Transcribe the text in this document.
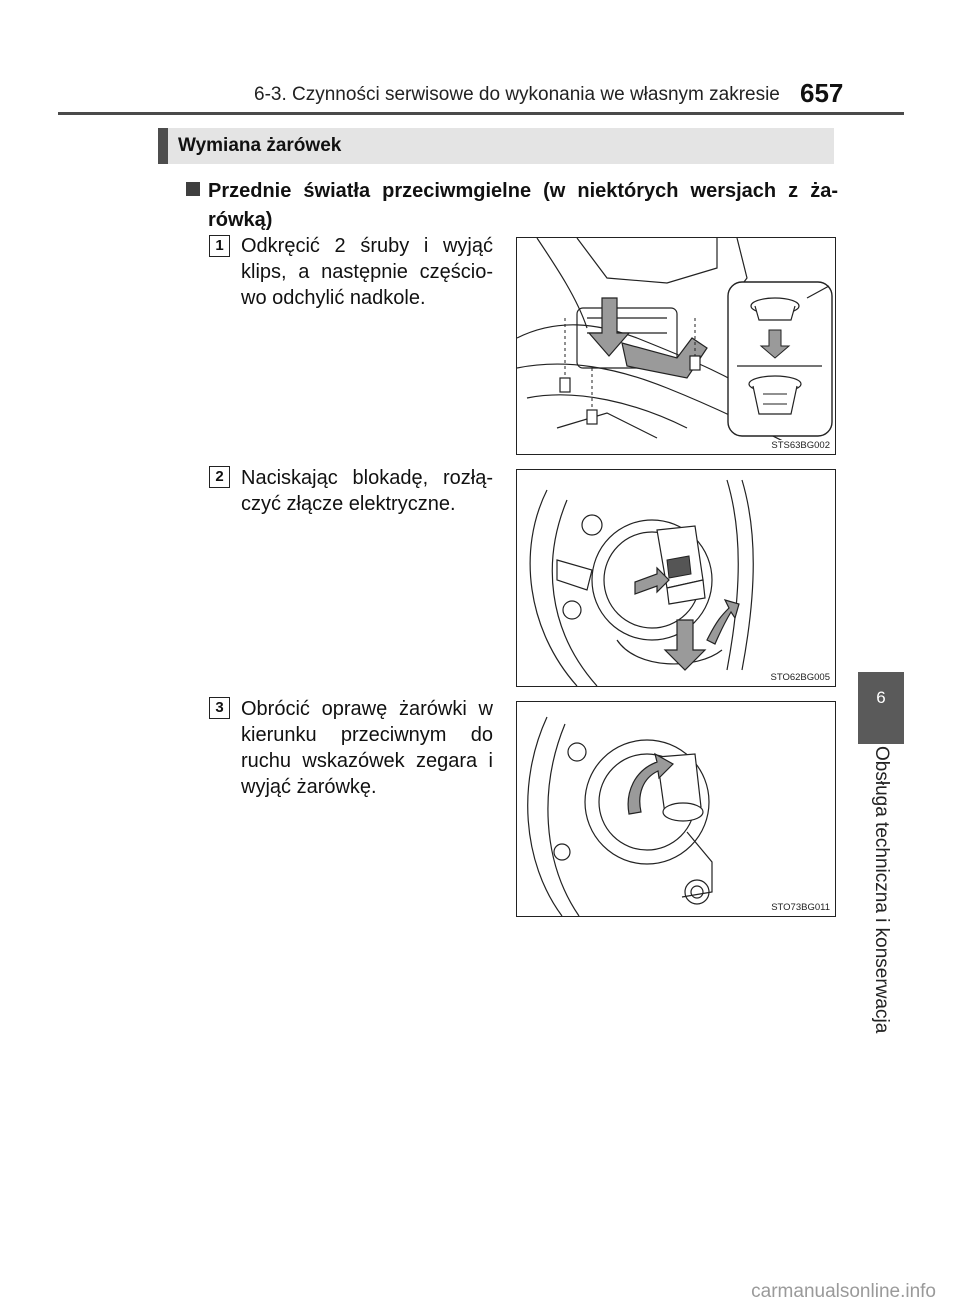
6-3. Czynności serwisowe do wykonania we własnym zakresie 657
Wymiana żarówek
Przednie światła przeciwmgielne (w niektórych wersjach z ża-rówką)
1 Odkręcić 2 śruby i wyjąć klips, a następnie częścio-wo odchylić nadkole.
STS63BG002
2 Naciskając blokadę, rozłą-czyć złącze elektryczne.
STO62BG005
3 Obrócić oprawę żarówki w kierunku przeciwnym do ruchu wskazówek zegara i wyjąć żarówkę.
STO73BG011
6
Obsługa techniczna i konserwacja
carmanualsonline.info
